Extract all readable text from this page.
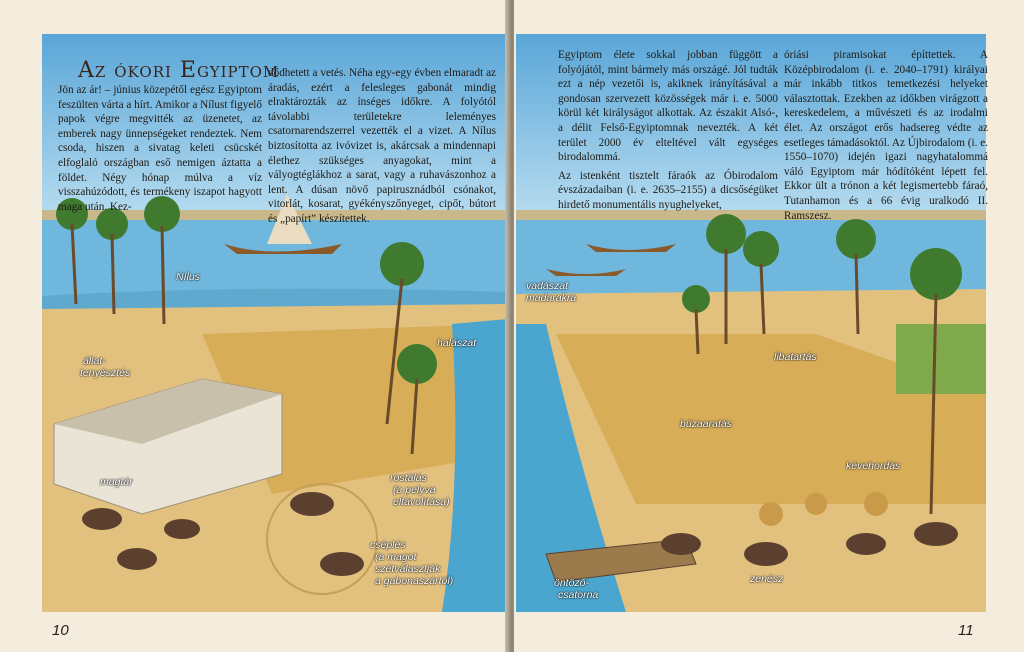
Az ókori Egyiptom

Jön az ár! – június közepétől egész Egyiptom feszülten várta a hírt. Amikor a Nílust figyelő papok végre megvitték az üzenetet, az emberek nagy ünnepségeket rendeztek. Nem csoda, hiszen a sivatag keleti csücskét elfoglaló országban eső nemigen áztatta a földet. Négy hónap múlva a víz visszahúzódott, és termékeny iszapot hagyott maga után. Kez-

dődhetett a vetés. Néha egy-egy évben elmaradt az áradás, ezért a felesleges gabonát mindig elraktározták az ínséges időkre. A folyótól távolabbi területekre leleményes csatornarendszerrel vezették el a vizet. A Nílus biztosította az ivóvizet is, akárcsak a mindennapi élethez szükséges anyagokat, mint a vályogtéglákhoz a sarat, vagy a ruhavászonhoz a lent. A dúsan növő papirusznádból csónakot, vitorlát, kosarat, gyékényszőnyeget, cipőt, bútort és „papírt” készítettek.

Nílus
halászat
állat-
tenyésztés
magtár	rostálás
(a pelyva
eltávolítása)
cséplés
(a magot
szétválasztják
a gabonaszártól)
10

Egyiptom élete sokkal jobban függött a folyójától, mint bármely más országé. Jól tudták ezt a nép vezetői is, akiknek irányításával a gondosan szervezett közösségek már i. e. 5000 körül két királyságot alkottak. Az északit Alsó-, a délit Felső-Egyiptomnak nevezték. A két terület 2000 év elteltével vált egységes birodalommá.

Az istenként tisztelt fáraók az Óbirodalom évszázadaiban (i. e. 2635–2155) a dicsőségüket hirdető monumentális nyughelyeket,

óriási piramisokat építtettek. A Középbirodalom (i. e. 2040–1791) királyai már inkább titkos temetkezési helyeket választottak. Ezekben az időkben virágzott a kereskedelem, a művészeti és az irodalmi élet. Az országot erős hadsereg védte az esetleges támadásoktól. Az Újbirodalom (i. e. 1550–1070) idején igazi nagyhatalommá váló Egyiptom már hódítóként lépett fel. Ekkor ült a trónon a két legismertebb fáraó, Tutanhamon és a 66 évig uralkodó II. Ramszesz.

vadászat
madarakra
libatartás
búzaaratás
kévehordás
zenész
öntöző-
csatorna
11
